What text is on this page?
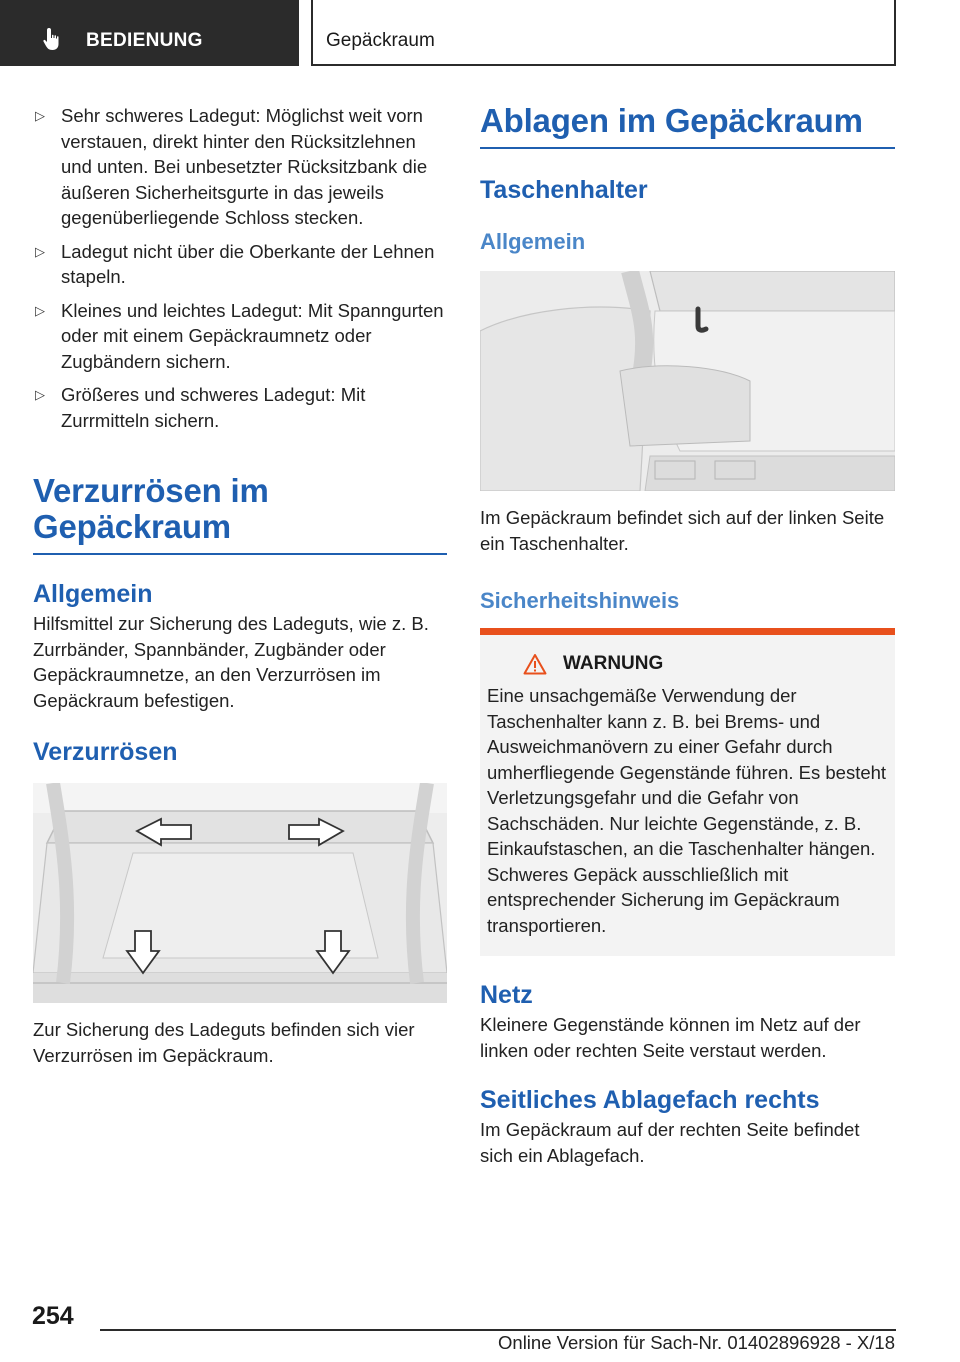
BEDIENUNG	Gepäckraum
▷ Sehr schweres Ladegut: Möglichst weit vorn verstauen, direkt hinter den Rücksitzlehnen und unten. Bei unbesetzter Rücksitzbank die äußeren Sicherheitsgurte in das jeweils gegenüberliegende Schloss stecken.
▷ Ladegut nicht über die Oberkante der Lehnen stapeln.
▷ Kleines und leichtes Ladegut: Mit Spanngurten oder mit einem Gepäckraumnetz oder Zugbändern sichern.
▷ Größeres und schweres Ladegut: Mit Zurrmitteln sichern.
Verzurrösen im Gepäckraum
Allgemein
Hilfsmittel zur Sicherung des Ladeguts, wie z. B. Zurrbänder, Spannbänder, Zugbänder oder Gepäckraumnetze, an den Verzurrösen im Gepäckraum befestigen.
Verzurrösen
Zur Sicherung des Ladeguts befinden sich vier Verzurrösen im Gepäckraum.
Ablagen im Gepäckraum
Taschenhalter
Allgemein
Im Gepäckraum befindet sich auf der linken Seite ein Taschenhalter.
Sicherheitshinweis
WARNUNG
Eine unsachgemäße Verwendung der Taschenhalter kann z. B. bei Brems- und Ausweichmanövern zu einer Gefahr durch umherfliegende Gegenstände führen. Es besteht Verletzungsgefahr und die Gefahr von Sachschäden. Nur leichte Gegenstände, z. B. Einkaufstaschen, an die Taschenhalter hängen. Schweres Gepäck ausschließlich mit entsprechender Sicherung im Gepäckraum transportieren.
Netz
Kleinere Gegenstände können im Netz auf der linken oder rechten Seite verstaut werden.
Seitliches Ablagefach rechts
Im Gepäckraum auf der rechten Seite befindet sich ein Ablagefach.
254
Online Version für Sach-Nr. 01402896928 - X/18
